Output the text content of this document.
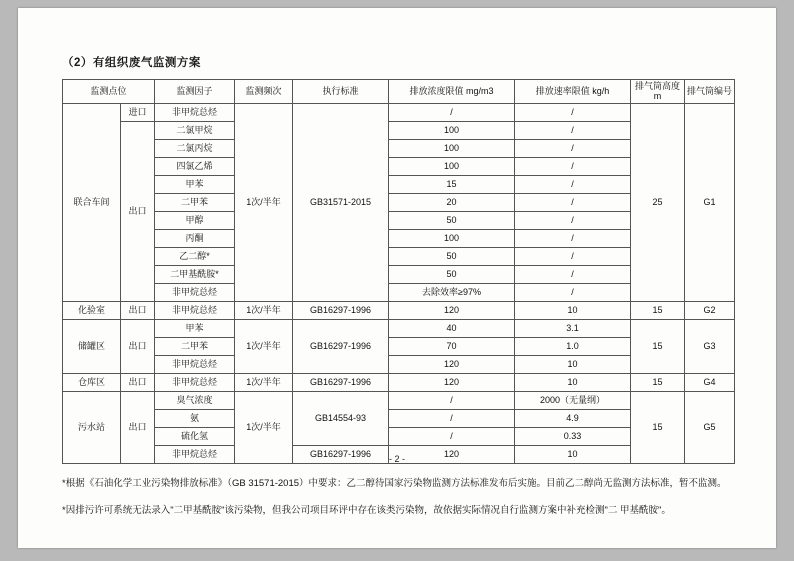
（2）有组织废气监测方案
监测点位		监测因子	监测频次	执行标准	排放浓度限值 mg/m3	排放速率限值 kg/h	排气筒高度 m	排气筒编号
联合车间	进口	非甲烷总烃	1次/半年	GB31571-2015	/	/	25	G1
	出口	二氯甲烷			100	/		
		二氯丙烷			100	/		
		四氯乙烯			100	/		
		甲苯			15	/		
		二甲苯			20	/		
		甲醇			50	/		
		丙酮			100	/		
		乙二醇*			50	/		
		二甲基酰胺*			50	/		
		非甲烷总烃			去除效率≥97%	/		
化验室	出口	非甲烷总烃	1次/半年	GB16297-1996	120	10	15	G2
储罐区	出口	甲苯	1次/半年	GB16297-1996	40	3.1	15	G3
		二甲苯			70	1.0		
		非甲烷总烃			120	10		
仓库区	出口	非甲烷总烃	1次/半年	GB16297-1996	120	10	15	G4
污水站	出口	臭气浓度	1次/半年	GB14554-93	/	2000（无量纲）	15	G5
		氨			/	4.9		
		硫化氢			/	0.33		
		非甲烷总烃		GB16297-1996	120	10		

*根据《石油化学工业污染物排放标准》（GB 31571-2015）中要求：乙二醇待国家污染物监测方法标准发布后实施。目前乙二醇尚无监测方法标准，暂不监测。

*因排污许可系统无法录入"二甲基酰胺"该污染物，但我公司项目环评中存在该类污染物，故依据实际情况自行监测方案中补充检测"二 甲基酰胺"。

- 2 -
